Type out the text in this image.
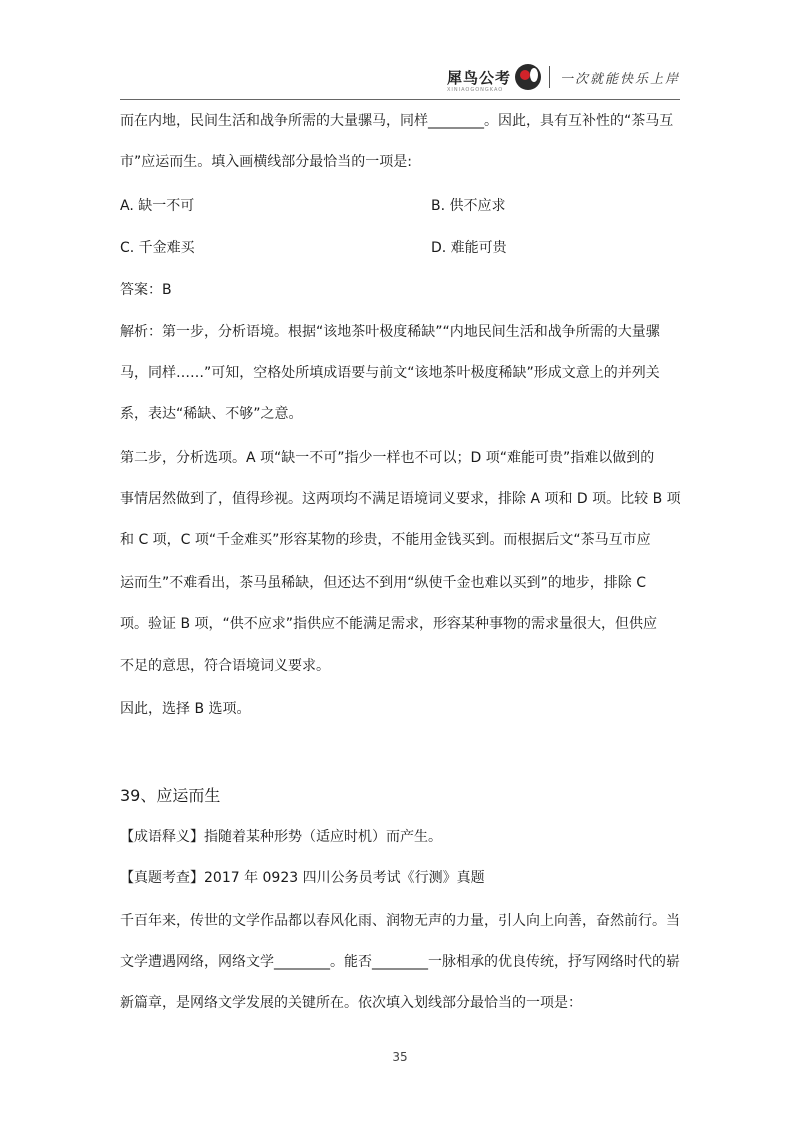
犀鸟公考
XINIAOGONGKAO
一次就能快乐上岸
而在内地，民间生活和战争所需的大量骡马，同样________。因此，具有互补性的“茶马互
市”应运而生。填入画横线部分最恰当的一项是:
A. 缺一不可	B. 供不应求
C. 千金难买	D. 难能可贵
答案：B
解析：第一步，分析语境。根据“该地茶叶极度稀缺”“内地民间生活和战争所需的大量骡
马，同样……”可知，空格处所填成语要与前文“该地茶叶极度稀缺”形成文意上的并列关
系，表达“稀缺、不够”之意。
第二步，分析选项。A 项“缺一不可”指少一样也不可以；D 项“难能可贵”指难以做到的
事情居然做到了，值得珍视。这两项均不满足语境词义要求，排除 A 项和 D 项。比较 B 项
和 C 项，C 项“千金难买”形容某物的珍贵，不能用金钱买到。而根据后文“茶马互市应
运而生”不难看出，茶马虽稀缺，但还达不到用“纵使千金也难以买到”的地步，排除 C
项。验证 B 项，“供不应求”指供应不能满足需求，形容某种事物的需求量很大，但供应
不足的意思，符合语境词义要求。
因此，选择 B 选项。
39、应运而生
【成语释义】指随着某种形势（适应时机）而产生。
【真题考查】2017 年 0923 四川公务员考试《行测》真题
千百年来，传世的文学作品都以春风化雨、润物无声的力量，引人向上向善，奋然前行。当
文学遭遇网络，网络文学________。能否________一脉相承的优良传统，抒写网络时代的崭
新篇章，是网络文学发展的关键所在。依次填入划线部分最恰当的一项是：
35
